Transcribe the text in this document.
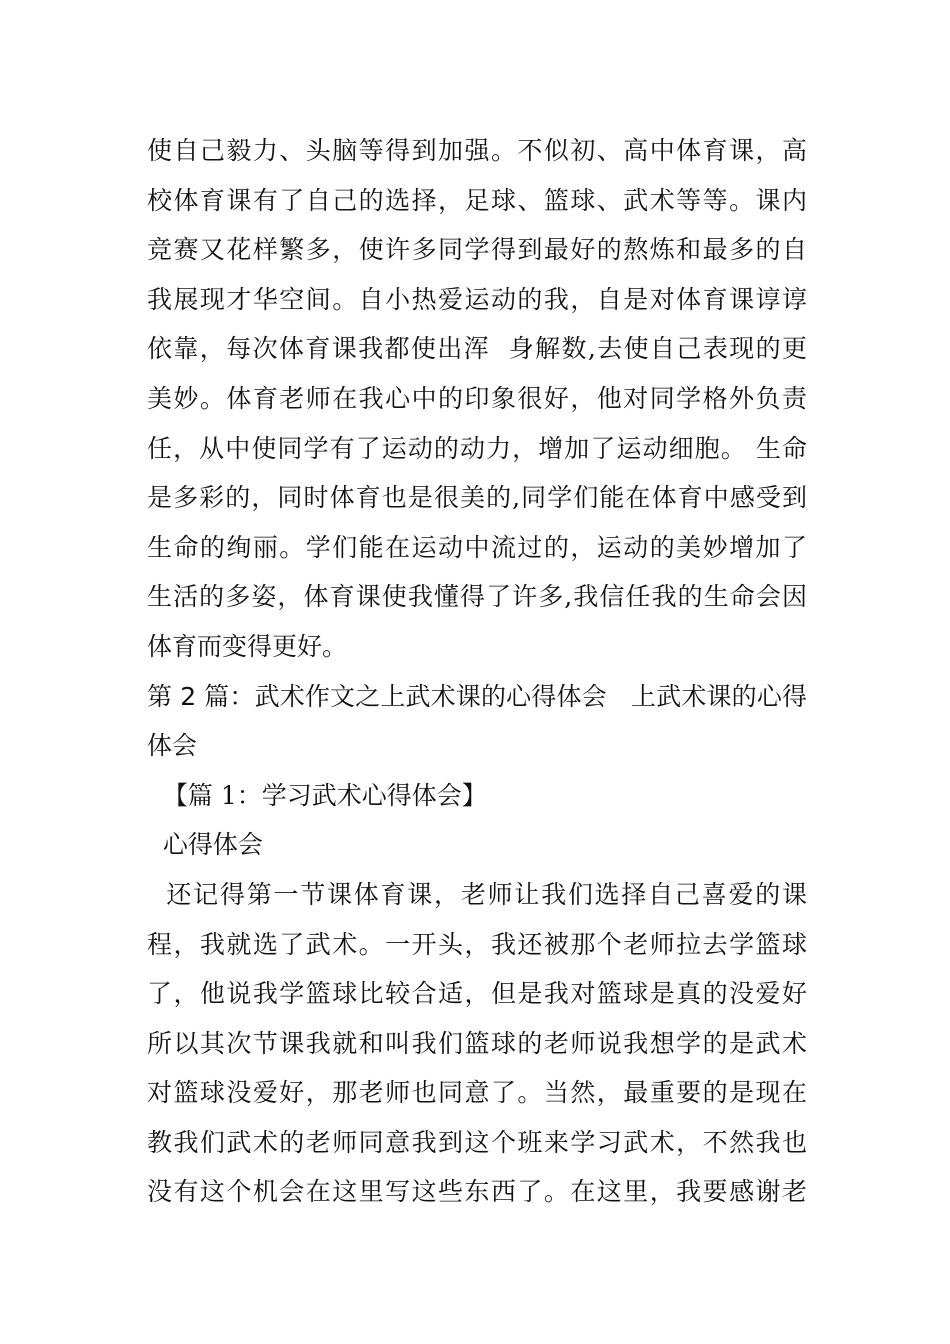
使自己毅力、头脑等得到加强。不似初、高中体育课，高
校体育课有了自己的选择，足球、篮球、武术等等。课内
竞赛又花样繁多，使许多同学得到最好的熬炼和最多的自
我展现才华空间。自小热爱运动的我，自是对体育课谆谆
依靠，每次体育课我都使出浑  身解数,去使自己表现的更
美妙。体育老师在我心中的印象很好，他对同学格外负责
任，从中使同学有了运动的动力，增加了运动细胞。 生命
是多彩的，同时体育也是很美的,同学们能在体育中感受到
生命的绚丽。学们能在运动中流过的，运动的美妙增加了
生活的多姿，体育课使我懂得了许多,我信任我的生命会因
体育而变得更好。
第 2 篇：武术作文之上武术课的心得体会   上武术课的心得
体会
【篇 1：学习武术心得体会】
心得体会
还记得第一节课体育课，老师让我们选择自己喜爱的课
程，我就选了武术。一开头，我还被那个老师拉去学篮球
了，他说我学篮球比较合适，但是我对篮球是真的没爱好
所以其次节课我就和叫我们篮球的老师说我想学的是武术
对篮球没爱好，那老师也同意了。当然，最重要的是现在
教我们武术的老师同意我到这个班来学习武术，不然我也
没有这个机会在这里写这些东西了。在这里，我要感谢老
